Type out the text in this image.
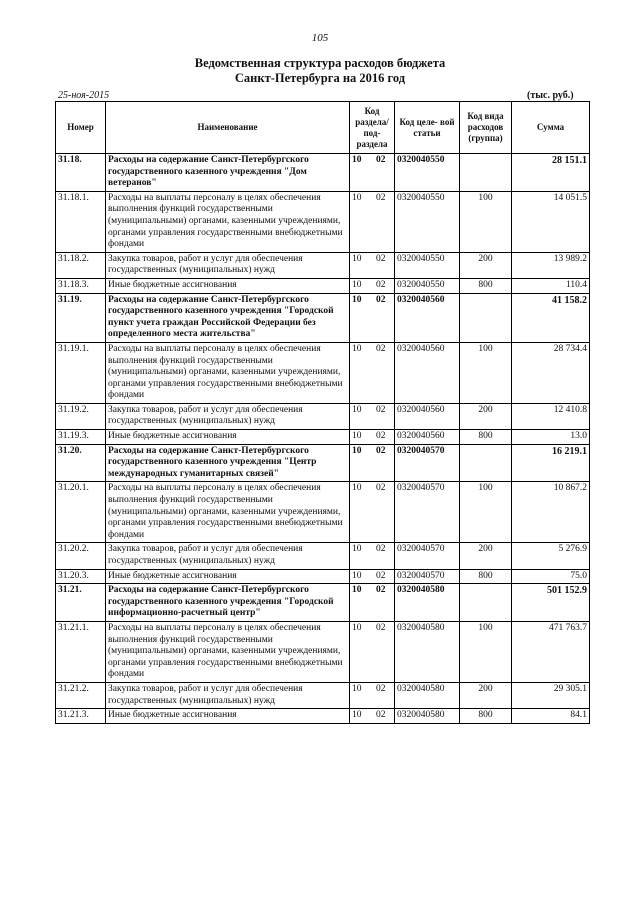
105
Ведомственная структура расходов бюджета
Санкт-Петербурга на 2016 год
25-ноя-2015	(тыс. руб.)
Номер	Наименование	Код раздела/ под- раздела	Код целе- вой статьи	Код вида расходов (группа)	Сумма
31.18.	Расходы на содержание Санкт-Петербургского государственного казенного учреждения "Дом ветеранов"	10 02	0320040550		28 151.1
31.18.1.	Расходы на выплаты персоналу в целях обеспечения выполнения функций государственными (муниципальными) органами, казенными учреждениями, органами управления государственными внебюджетными фондами	10 02	0320040550	100	14 051.5
31.18.2.	Закупка товаров, работ и услуг для обеспечения государственных (муниципальных) нужд	10 02	0320040550	200	13 989.2
31.18.3.	Иные бюджетные ассигнования	10 02	0320040550	800	110.4
31.19.	Расходы на содержание Санкт-Петербургского государственного казенного учреждения "Городской пункт учета граждан Российской Федерации без определенного места жительства"	10 02	0320040560		41 158.2
31.19.1.	Расходы на выплаты персоналу в целях обеспечения выполнения функций государственными (муниципальными) органами, казенными учреждениями, органами управления государственными внебюджетными фондами	10 02	0320040560	100	28 734.4
31.19.2.	Закупка товаров, работ и услуг для обеспечения государственных (муниципальных) нужд	10 02	0320040560	200	12 410.8
31.19.3.	Иные бюджетные ассигнования	10 02	0320040560	800	13.0
31.20.	Расходы на содержание Санкт-Петербургского государственного казенного учреждения "Центр международных гуманитарных связей"	10 02	0320040570		16 219.1
31.20.1.	Расходы на выплаты персоналу в целях обеспечения выполнения функций государственными (муниципальными) органами, казенными учреждениями, органами управления государственными внебюджетными фондами	10 02	0320040570	100	10 867.2
31.20.2.	Закупка товаров, работ и услуг для обеспечения государственных (муниципальных) нужд	10 02	0320040570	200	5 276.9
31.20.3.	Иные бюджетные ассигнования	10 02	0320040570	800	75.0
31.21.	Расходы на содержание Санкт-Петербургского государственного казенного учреждения "Городской информационно-расчетный центр"	10 02	0320040580		501 152.9
31.21.1.	Расходы на выплаты персоналу в целях обеспечения выполнения функций государственными (муниципальными) органами, казенными учреждениями, органами управления государственными внебюджетными фондами	10 02	0320040580	100	471 763.7
31.21.2.	Закупка товаров, работ и услуг для обеспечения государственных (муниципальных) нужд	10 02	0320040580	200	29 305.1
31.21.3.	Иные бюджетные ассигнования	10 02	0320040580	800	84.1
